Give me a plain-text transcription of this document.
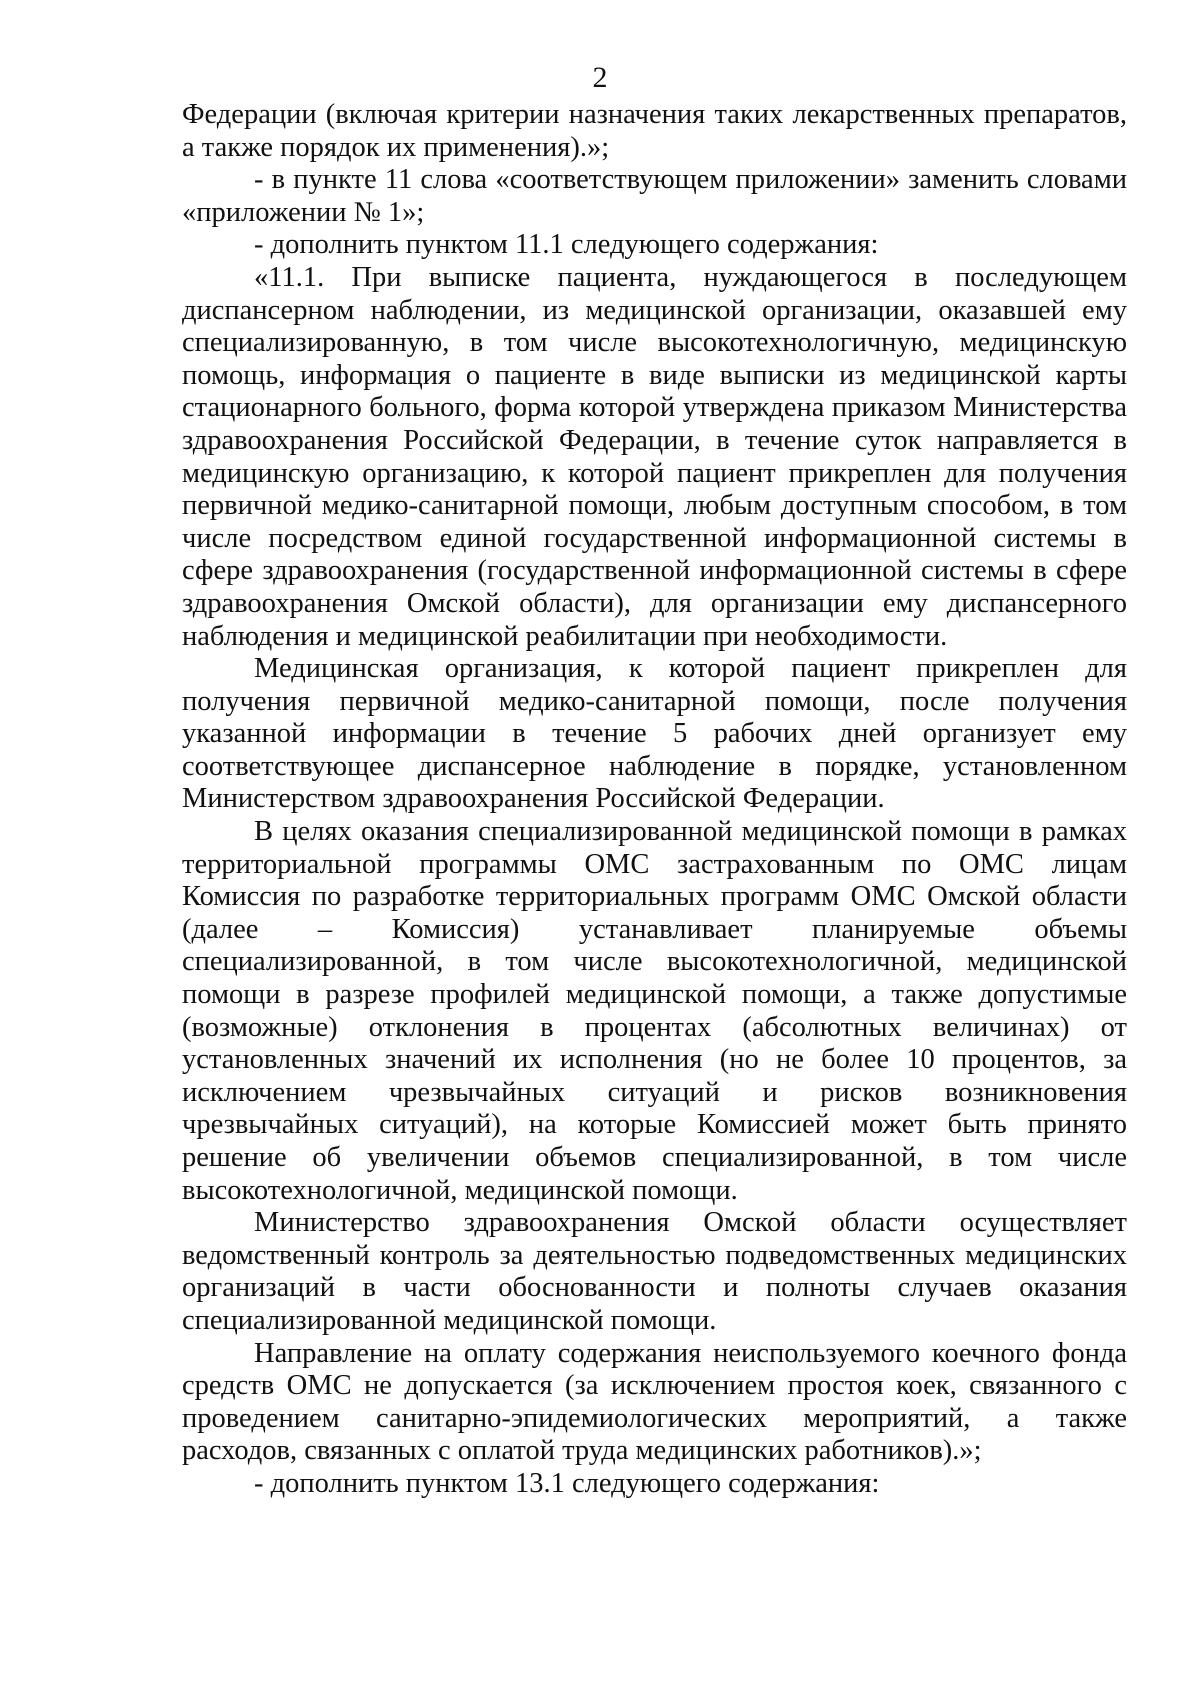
2

Федерации (включая критерии назначения таких лекарственных препаратов, а также порядок их применения).»;

- в пункте 11 слова «соответствующем приложении» заменить словами «приложении № 1»;

- дополнить пунктом 11.1 следующего содержания:

«11.1. При выписке пациента, нуждающегося в последующем диспансерном наблюдении, из медицинской организации, оказавшей ему специализированную, в том числе высокотехнологичную, медицинскую помощь, информация о пациенте в виде выписки из медицинской карты стационарного больного, форма которой утверждена приказом Министерства здравоохранения Российской Федерации, в течение суток направляется в медицинскую организацию, к которой пациент прикреплен для получения первичной медико-санитарной помощи, любым доступным способом, в том числе посредством единой государственной информационной системы в сфере здравоохранения (государственной информационной системы в сфере здравоохранения Омской области), для организации ему диспансерного наблюдения и медицинской реабилитации при необходимости.

Медицинская организация, к которой пациент прикреплен для получения первичной медико-санитарной помощи, после получения указанной информации в течение 5 рабочих дней организует ему соответствующее диспансерное наблюдение в порядке, установленном Министерством здравоохранения Российской Федерации.

В целях оказания специализированной медицинской помощи в рамках территориальной программы ОМС застрахованным по ОМС лицам Комиссия по разработке территориальных программ ОМС Омской области (далее – Комиссия) устанавливает планируемые объемы специализированной, в том числе высокотехнологичной, медицинской помощи в разрезе профилей медицинской помощи, а также допустимые (возможные) отклонения в процентах (абсолютных величинах) от установленных значений их исполнения (но не более 10 процентов, за исключением чрезвычайных ситуаций и рисков возникновения чрезвычайных ситуаций), на которые Комиссией может быть принято решение об увеличении объемов специализированной, в том числе высокотехнологичной, медицинской помощи.

Министерство здравоохранения Омской области осуществляет ведомственный контроль за деятельностью подведомственных медицинских организаций в части обоснованности и полноты случаев оказания специализированной медицинской помощи.

Направление на оплату содержания неиспользуемого коечного фонда средств ОМС не допускается (за исключением простоя коек, связанного с проведением санитарно-эпидемиологических мероприятий, а также расходов, связанных с оплатой труда медицинских работников).»;

- дополнить пунктом 13.1 следующего содержания:
